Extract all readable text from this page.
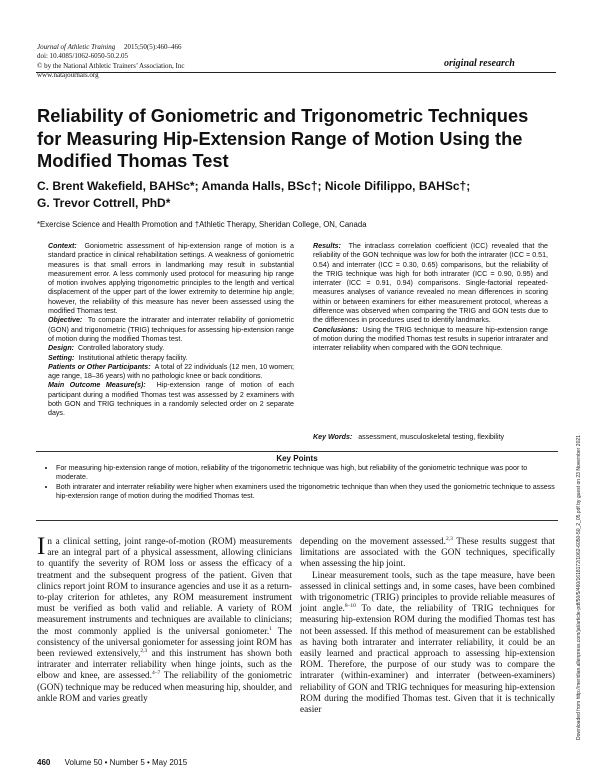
Journal of Athletic Training 2015;50(5):460–466
doi: 10.4085/1062-6050-50.2.05
© by the National Athletic Trainers’ Association, Inc
www.natajournals.org
original research
Reliability of Goniometric and Trigonometric Techniques for Measuring Hip-Extension Range of Motion Using the Modified Thomas Test
C. Brent Wakefield, BAHSc*; Amanda Halls, BSc†; Nicole Difilippo, BAHSc†;
G. Trevor Cottrell, PhD*
*Exercise Science and Health Promotion and †Athletic Therapy, Sheridan College, ON, Canada

Context: Goniometric assessment of hip-extension range of motion is a standard practice in clinical rehabilitation settings. A weakness of goniometric measures is that small errors in landmarking may result in substantial measurement error. A less commonly used protocol for measuring hip range of motion involves applying trigonometric principles to the length and vertical displacement of the upper part of the lower extremity to determine hip angle; however, the reliability of this measure has never been assessed using the modified Thomas test.

Objective: To compare the intrarater and interrater reliability of goniometric (GON) and trigonometric (TRIG) techniques for assessing hip-extension range of motion during the modified Thomas test.

Design: Controlled laboratory study.

Setting: Institutional athletic therapy facility.

Patients or Other Participants: A total of 22 individuals (12 men, 10 women; age range, 18–36 years) with no pathologic knee or back conditions.

Main Outcome Measure(s): Hip-extension range of motion of each participant during a modified Thomas test was assessed by 2 examiners with both GON and TRIG techniques in a randomly selected order on 2 separate days.

Results: The intraclass correlation coefficient (ICC) revealed that the reliability of the GON technique was low for both the intrarater (ICC = 0.51, 0.54) and interrater (ICC = 0.30, 0.65) comparisons, but the reliability of the TRIG technique was high for both intrarater (ICC = 0.90, 0.95) and interrater (ICC = 0.91, 0.94) comparisons. Single-factorial repeated-measures analyses of variance revealed no mean differences in scoring within or between examiners for either measurement protocol, whereas a difference was observed when comparing the TRIG and GON tests due to the differences in procedures used to identify landmarks.

Conclusions: Using the TRIG technique to measure hip-extension range of motion during the modified Thomas test results in superior intrarater and interrater reliability when compared with the GON technique.

Key Words: assessment, musculoskeletal testing, flexibility
Key Points
• For measuring hip-extension range of motion, reliability of the trigonometric technique was high, but reliability of the goniometric technique was poor to moderate.
• Both intrarater and interrater reliability were higher when examiners used the trigonometric technique than when they used the goniometric technique to assess hip-extension range of motion during the modified Thomas test.

In a clinical setting, joint range-of-motion (ROM) measurements are an integral part of a physical assessment, allowing clinicians to quantify the severity of ROM loss or assess the efficacy of a treatment and the subsequent progress of the patient. Given that clinics report joint ROM to insurance agencies and use it as a return-to-play criterion for athletes, any ROM measurement instrument must be verified as both valid and reliable. A variety of ROM measurement instruments and techniques are available to clinicians; the most commonly applied is the universal goniometer.$^1$ The consistency of the universal goniometer for assessing joint ROM has been reviewed extensively,$^{2,3}$ and this instrument has shown both intrarater and interrater reliability when hinge joints, such as the elbow and knee, are assessed.$^{4-7}$ The reliability of the goniometric (GON) technique may be reduced when measuring hip, shoulder, and ankle ROM and varies greatly

depending on the movement assessed.$^{2,3}$ These results suggest that limitations are associated with the GON techniques, specifically when assessing the hip joint.

Linear measurement tools, such as the tape measure, have been assessed in clinical settings and, in some cases, have been combined with trigonometric (TRIG) principles to provide reliable measures of joint angle.$^{8-10}$ To date, the reliability of TRIG techniques for measuring hip-extension ROM during the modified Thomas test has not been assessed. If this method of measurement can be established as having both intrarater and interrater reliability, it could be an easily learned and practical approach to assessing hip-extension ROM. Therefore, the purpose of our study was to compare the intrarater (within-examiner) and interrater (between-examiners) reliability of GON and TRIG techniques for measuring hip-extension ROM during the modified Thomas test. Given that it is technically easier	Downloaded from http://meridian.allenpress.com/jat/article-pdf/50/5/460/1618172/1062-6050-50_2_05.pdf by guest on 23 November 2021
460 Volume 50 • Number 5 • May 2015
